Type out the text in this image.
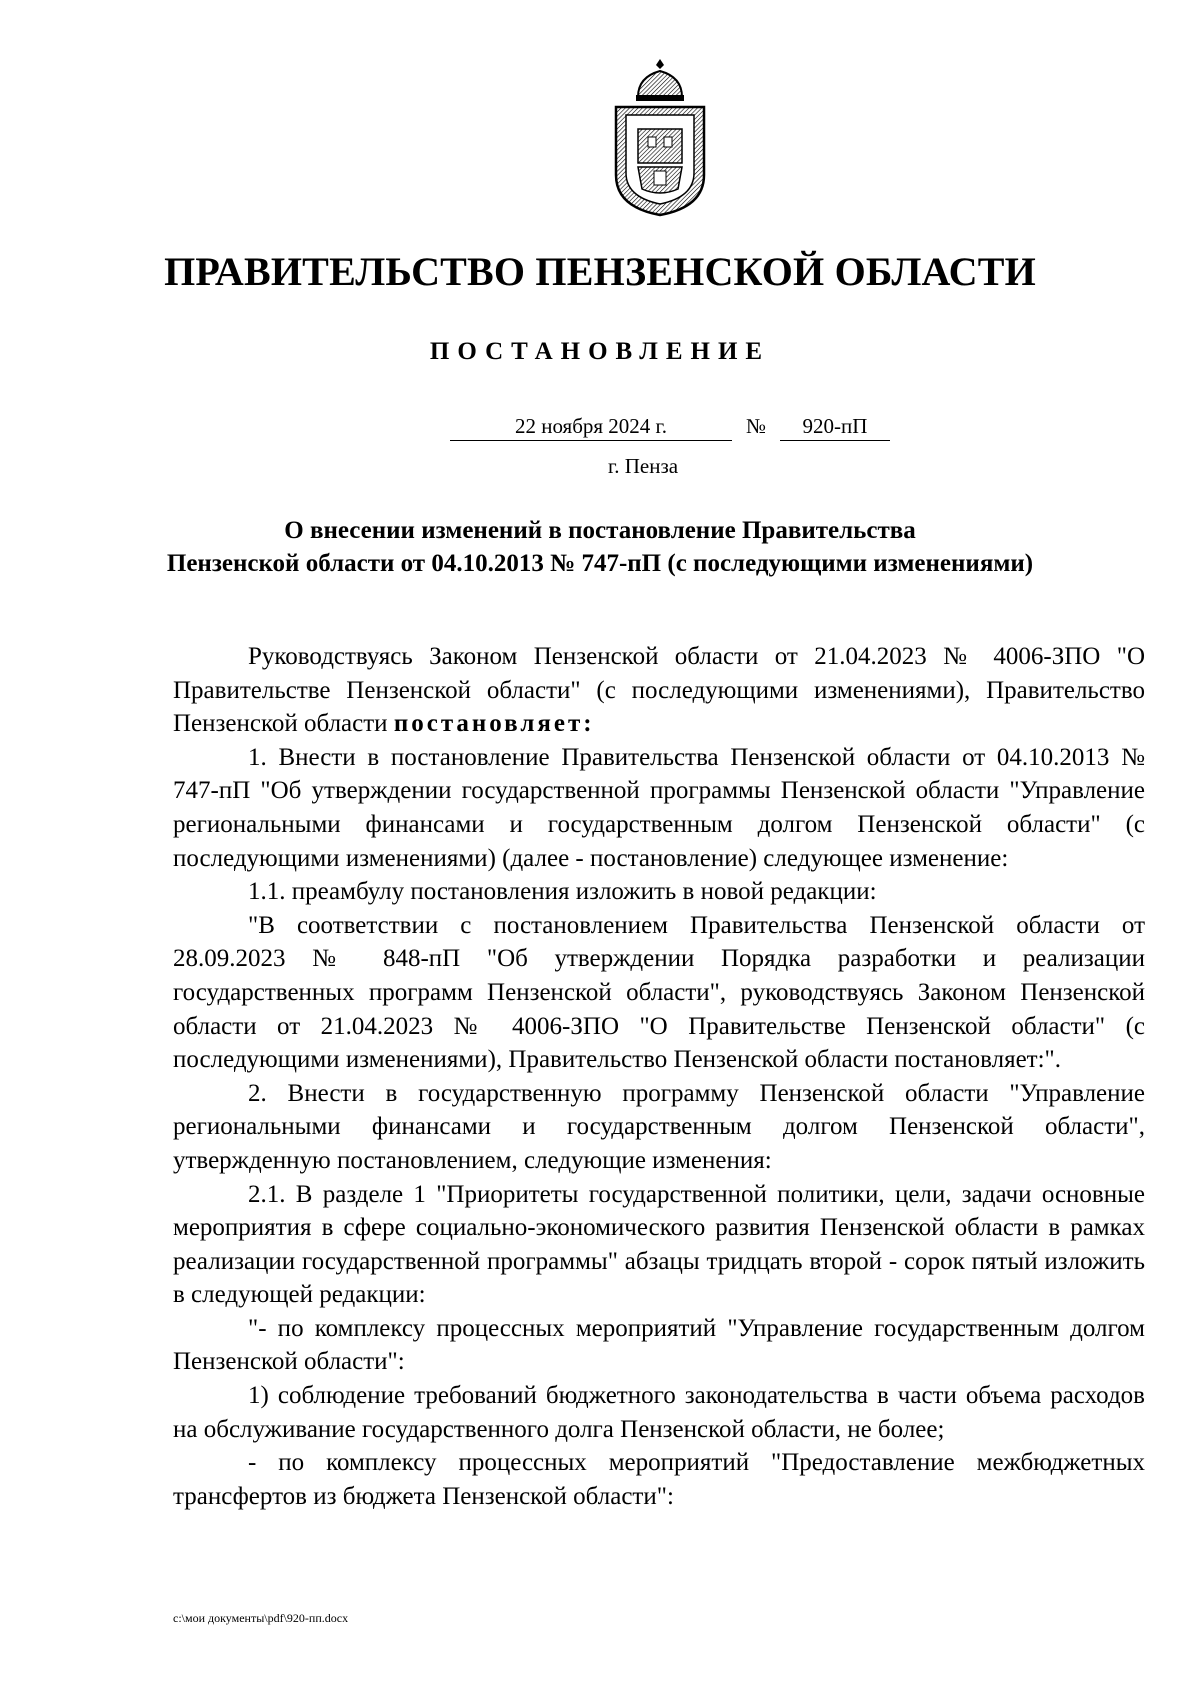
ПРАВИТЕЛЬСТВО ПЕНЗЕНСКОЙ ОБЛАСТИ
ПОСТАНОВЛЕНИЕ
22 ноября 2024 г.	№	920-пП
г. Пенза
О внесении изменений в постановление Правительства
Пензенской области от 04.10.2013 № 747-пП (с последующими изменениями)

Руководствуясь Законом Пензенской области от 21.04.2023 № 4006-ЗПО "О Правительстве Пензенской области" (с последующими изменениями), Правительство Пензенской области постановляет:

1. Внести в постановление Правительства Пензенской области от 04.10.2013 № 747-пП "Об утверждении государственной программы Пензенской области "Управление региональными финансами и государственным долгом Пензенской области" (с последующими изменениями) (далее - постановление) следующее изменение:

1.1. преамбулу постановления изложить в новой редакции:

"В соответствии с постановлением Правительства Пензенской области от 28.09.2023 № 848-пП "Об утверждении Порядка разработки и реализации государственных программ Пензенской области", руководствуясь Законом Пензенской области от 21.04.2023 № 4006-ЗПО "О Правительстве Пензенской области" (с последующими изменениями), Правительство Пензенской области постановляет:".

2. Внести в государственную программу Пензенской области "Управление региональными финансами и государственным долгом Пензенской области", утвержденную постановлением, следующие изменения:

2.1. В разделе 1 "Приоритеты государственной политики, цели, задачи основные мероприятия в сфере социально-экономического развития Пензенской области в рамках реализации государственной программы" абзацы тридцать второй - сорок пятый изложить в следующей редакции:

"- по комплексу процессных мероприятий "Управление государственным долгом Пензенской области":

1) соблюдение требований бюджетного законодательства в части объема расходов на обслуживание государственного долга Пензенской области, не более;

- по комплексу процессных мероприятий "Предоставление межбюджетных трансфертов из бюджета Пензенской области":

c:\мои документы\pdf\920-пп.docx
